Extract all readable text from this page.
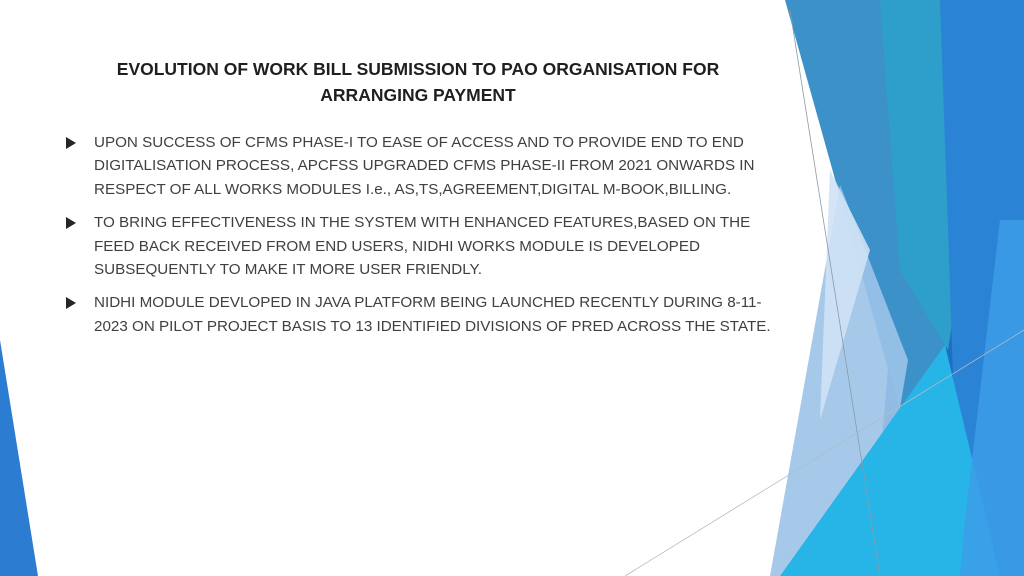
EVOLUTION OF WORK BILL SUBMISSION TO PAO ORGANISATION FOR
ARRANGING PAYMENT
UPON SUCCESS OF CFMS PHASE-I TO EASE OF ACCESS AND TO PROVIDE END TO END DIGITALISATION PROCESS, APCFSS UPGRADED CFMS PHASE-II FROM 2021 ONWARDS IN RESPECT OF ALL WORKS MODULES I.e., AS,TS,AGREEMENT,DIGITAL M-BOOK,BILLING.
TO BRING EFFECTIVENESS IN THE SYSTEM WITH ENHANCED FEATURES,BASED ON THE FEED BACK RECEIVED FROM END USERS, NIDHI WORKS MODULE IS DEVELOPED SUBSEQUENTLY TO MAKE IT MORE USER FRIENDLY.
NIDHI MODULE DEVLOPED IN JAVA PLATFORM BEING LAUNCHED RECENTLY DURING 8-11-2023 ON PILOT PROJECT BASIS TO 13 IDENTIFIED DIVISIONS OF PRED ACROSS THE STATE.
